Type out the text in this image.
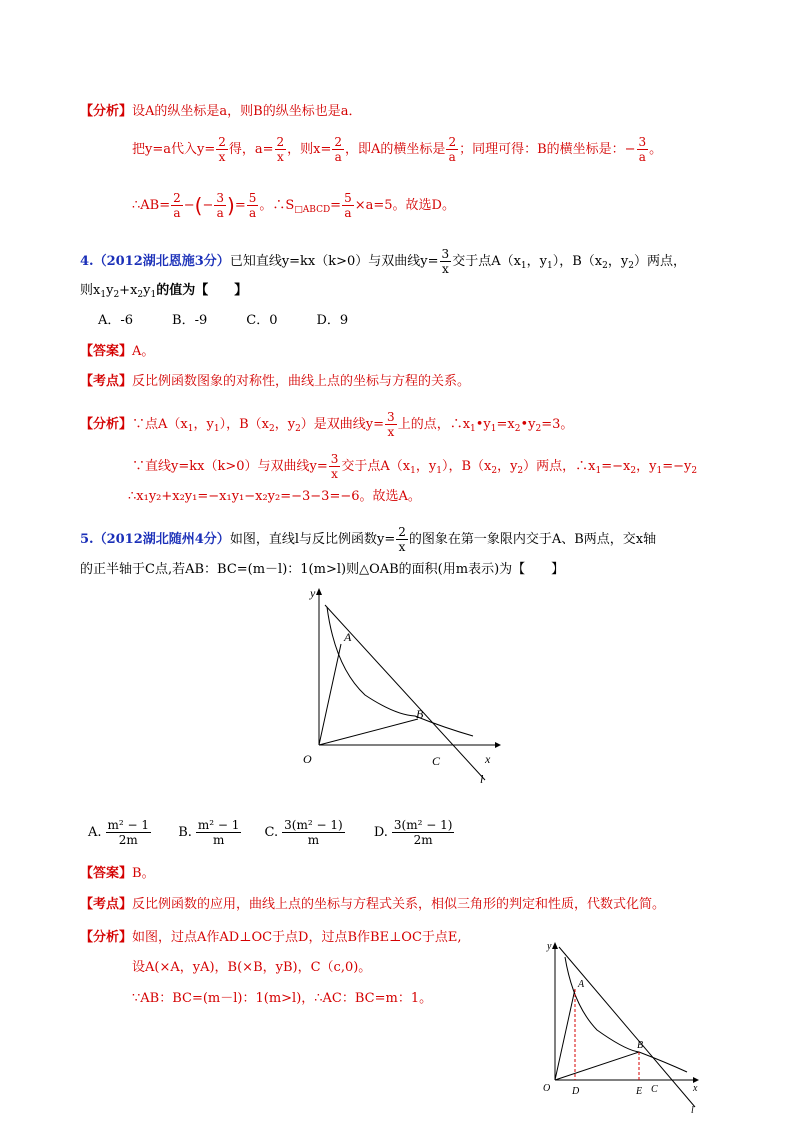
【分析】设A的纵坐标是a，则B的纵坐标也是a．
把y=a代入$y= \frac{2}{x}$ 得，$a= \frac{2}{x}$ ，则$x= \frac{2}{a}$ ，即A的横坐标是 $\frac{2}{a}$ ；同理可得：B的横坐标是：− $\frac{3}{a}$ 。
∴AB= $\frac{2}{a}$ −(− $\frac{3}{a}$ )= $\frac{5}{a}$ 。$\therefore S_{□ABCD}= \frac{5}{a} \times a=5$。故选D。
4.（2012湖北恩施3分）已知直线y=kx（k>0）与双曲线$y= \frac{3}{x}$ 交于点$A(x_1$，$y_1$），$B(x_2$，$y_2$）两点，
则$x_1y_2+x_2y_1$的值为【　　】
A．-6　　　B．-9　　　C．0　　　D．9
【答案】A。
【考点】反比例函数图象的对称性，曲线上点的坐标与方程的关系。
【分析】∵点$A(x_1$，$y_1$），$B(x_2$，$y_2$）是双曲线$y= \frac{3}{x}$ 上的点，$\therefore x_1•y_1=x_2•y_2=3$。
∵直线y=kx（k>0）与双曲线$y= \frac{3}{x}$ 交于点$A(x_1$，$y_1$），$B(x_2$，$y_2$）两点，$\therefore x_1=-x_2$，$y_1=-y_2$
∴x₁y₂+x₂y₁=−x₁y₁−x₂y₂=−3−3=−6。故选A。
5.（2012湖北随州4分）如图，直线l与反比例函数$y= \frac{2}{x}$ 的图象在第一象限内交于A、B两点，交x轴
的正半轴于C点,若AB：BC=(m－l)：1(m>l)则△OAB的面积(用m表示)为【　　】
y
A
B
O	C	x
l
A. $\frac{\text{m² − 1}}{2m} B$. $\frac{\text{m² − 1}}{m} C$. $\frac{\text{3(m² − 1)}}{m} D$. $\frac{\text{3(m² − 1)}}{2m}$
【答案】B。
【考点】反比例函数的应用，曲线上点的坐标与方程式关系，相似三角形的判定和性质，代数式化简。
【分析】如图，过点A作AD⊥OC于点D，过点B作BE⊥OC于点E,
设A(×A，yA)，B(×B，yB)，C（c,0)。
∵AB：BC=(m－l)：1(m>l)，∴AC：BC=m：1。
y
A
B
O D	E C	x
l
